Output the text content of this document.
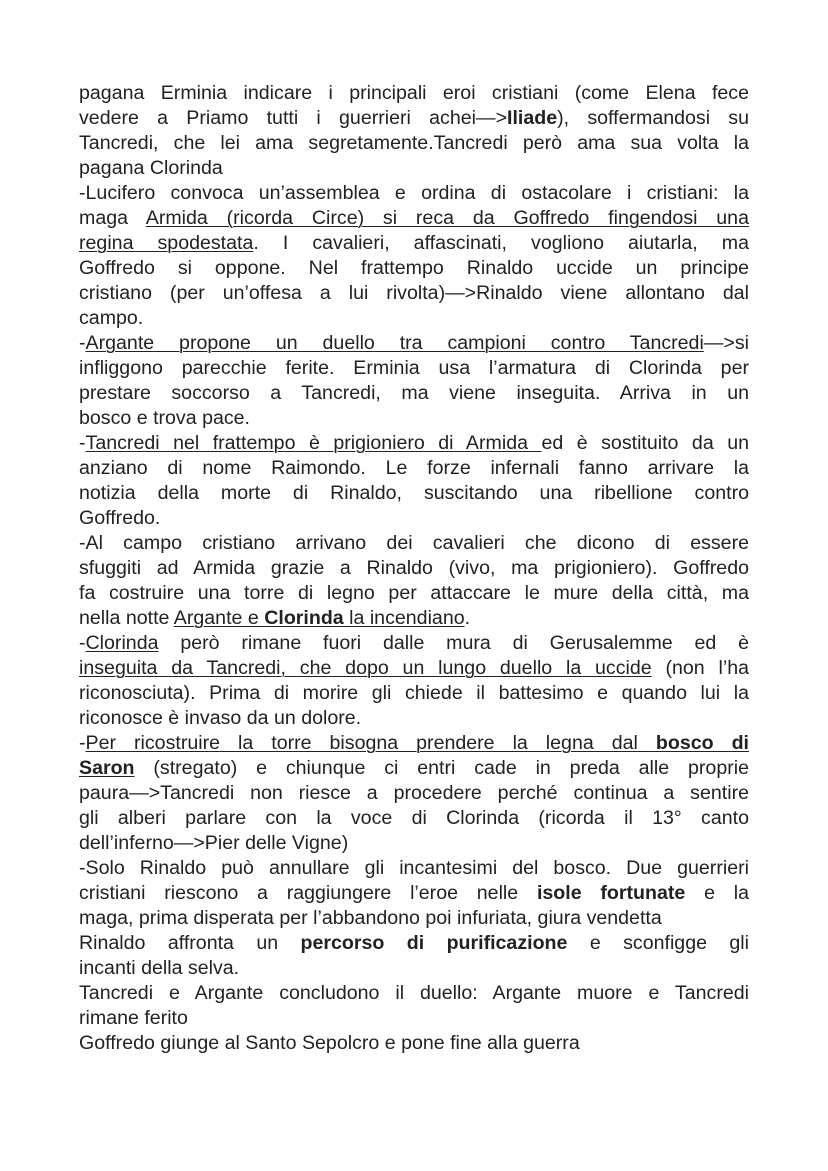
pagana Erminia indicare i principali eroi cristiani (come Elena fece
vedere a Priamo tutti i guerrieri achei—>Iliade), soffermandosi su
Tancredi, che lei ama segretamente.Tancredi però ama sua volta la
pagana Clorinda
-Lucifero convoca un’assemblea e ordina di ostacolare i cristiani: la
maga Armida (ricorda Circe) si reca da Goffredo fingendosi una
regina spodestata. I cavalieri, affascinati, vogliono aiutarla, ma
Goffredo si oppone. Nel frattempo Rinaldo uccide un principe
cristiano (per un’offesa a lui rivolta)—>Rinaldo viene allontano dal
campo.
-Argante propone un duello tra campioni contro Tancredi—>si
infliggono parecchie ferite. Erminia usa l’armatura di Clorinda per
prestare soccorso a Tancredi, ma viene inseguita. Arriva in un
bosco e trova pace.
-Tancredi nel frattempo è prigioniero di Armida ed è sostituito da un
anziano di nome Raimondo. Le forze infernali fanno arrivare la
notizia della morte di Rinaldo, suscitando una ribellione contro
Goffredo.
-Al campo cristiano arrivano dei cavalieri che dicono di essere
sfuggiti ad Armida grazie a Rinaldo (vivo, ma prigioniero). Goffredo
fa costruire una torre di legno per attaccare le mure della città, ma
nella notte Argante e Clorinda la incendiano.
-Clorinda però rimane fuori dalle mura di Gerusalemme ed è
inseguita da Tancredi, che dopo un lungo duello la uccide (non l’ha
riconosciuta). Prima di morire gli chiede il battesimo e quando lui la
riconosce è invaso da un dolore.
-Per ricostruire la torre bisogna prendere la legna dal bosco di
Saron (stregato) e chiunque ci entri cade in preda alle proprie
paura—>Tancredi non riesce a procedere perché continua a sentire
gli alberi parlare con la voce di Clorinda (ricorda il 13° canto
dell’inferno—>Pier delle Vigne)
-Solo Rinaldo può annullare gli incantesimi del bosco. Due guerrieri
cristiani riescono a raggiungere l’eroe nelle isole fortunate e la
maga, prima disperata per l’abbandono poi infuriata, giura vendetta
Rinaldo affronta un percorso di purificazione e sconfigge gli
incanti della selva.
Tancredi e Argante concludono il duello: Argante muore e Tancredi
rimane ferito
Goffredo giunge al Santo Sepolcro e pone fine alla guerra
